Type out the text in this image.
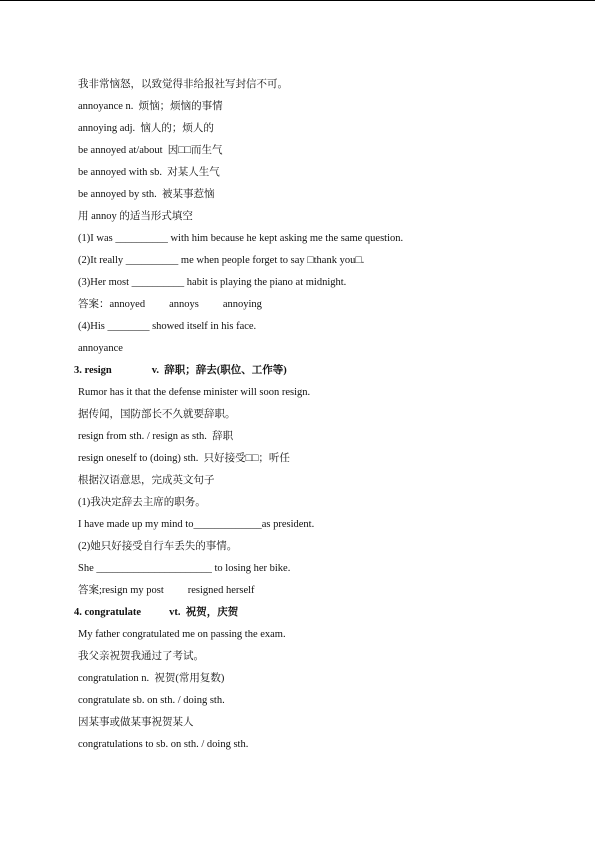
我非常恼怒，以致觉得非给报社写封信不可。
annoyance n.  烦恼；烦恼的事情
annoying adj.  恼人的；烦人的
be annoyed at/about  因□□而生气
be annoyed with sb.  对某人生气
be annoyed by sth.  被某事惹恼
用 annoy 的适当形式填空
(1)I was __________ with him because he kept asking me the same question.
(2)It really __________ me when people forget to say □thank you□.
(3)Her most __________ habit is playing the piano at midnight.
答案：annoyed annoys annoying
(4)His ________ showed itself in his face.
annoyance
3. resign	v.  辞职；辞去(职位、工作等)
Rumor has it that the defense minister will soon resign.
据传闻，国防部长不久就要辞职。
resign from sth. / resign as sth.  辞职
resign oneself to (doing) sth.  只好接受□□；听任
根据汉语意思，完成英文句子
(1)我决定辞去主席的职务。
I have made up my mind to_____________as president.
(2)她只好接受自行车丢失的事情。
She ______________________ to losing her bike.
答案;resign my post resigned herself
4. congratulate	vt.  祝贺，庆贺
My father congratulated me on passing the exam.
我父亲祝贺我通过了考试。
congratulation n.  祝贺(常用复数)
congratulate sb. on sth. / doing sth.
因某事或做某事祝贺某人
congratulations to sb. on sth. / doing sth.
